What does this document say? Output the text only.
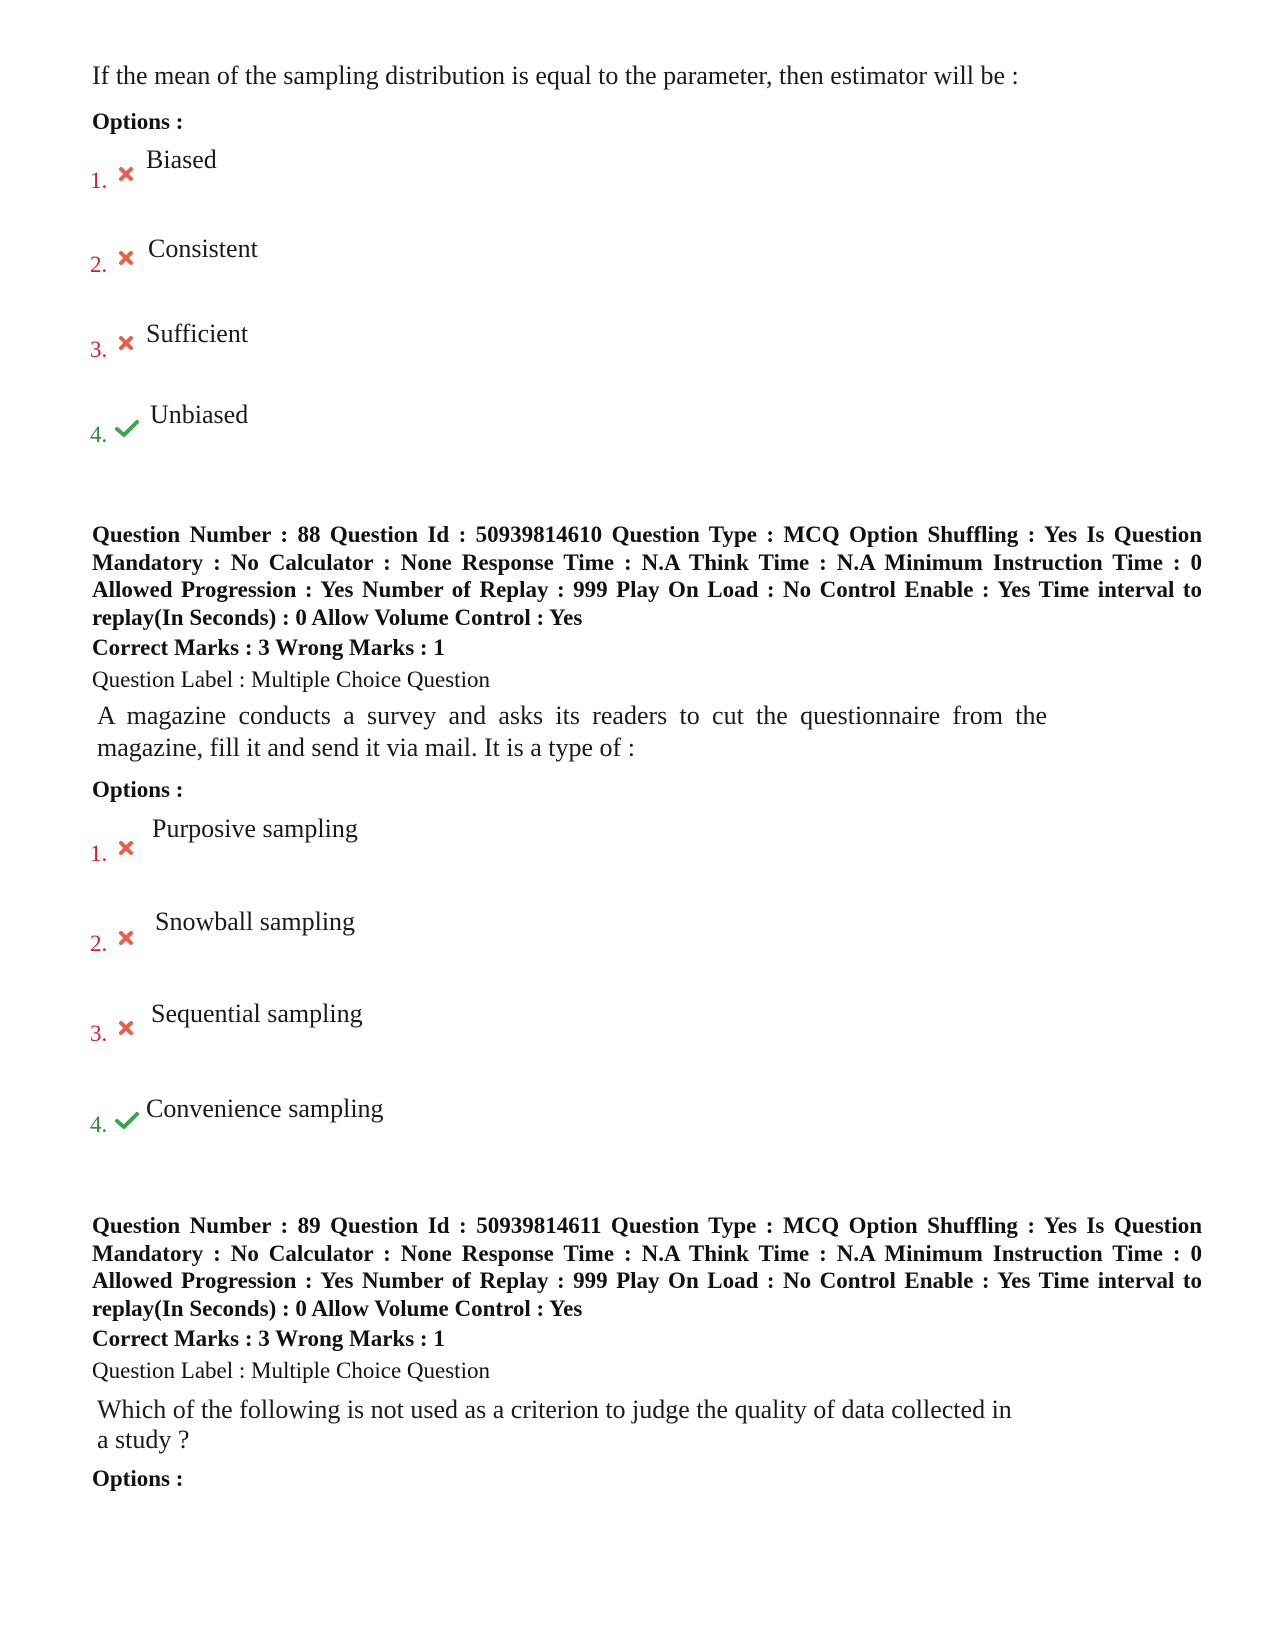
If the mean of the sampling distribution is equal to the parameter, then estimator will be :

Options :

1.
Biased
2.
Consistent
3.
Sufficient
4.
Unbiased

Question Number : 88 Question Id : 50939814610 Question Type : MCQ Option Shuffling : Yes Is Question Mandatory : No Calculator : None Response Time : N.A Think Time : N.A Minimum Instruction Time : 0 Allowed Progression : Yes Number of Replay : 999 Play On Load : No Control Enable : Yes Time interval to replay(In Seconds) : 0 Allow Volume Control : Yes

Correct Marks : 3 Wrong Marks : 1

Question Label : Multiple Choice Question

A magazine conducts a survey and asks its readers to cut the questionnaire from the

magazine, fill it and send it via mail. It is a type of :

Options :

1.
Purposive sampling
2.
Snowball sampling
3.
Sequential sampling
4.
Convenience sampling

Question Number : 89 Question Id : 50939814611 Question Type : MCQ Option Shuffling : Yes Is Question Mandatory : No Calculator : None Response Time : N.A Think Time : N.A Minimum Instruction Time : 0 Allowed Progression : Yes Number of Replay : 999 Play On Load : No Control Enable : Yes Time interval to replay(In Seconds) : 0 Allow Volume Control : Yes

Correct Marks : 3 Wrong Marks : 1

Question Label : Multiple Choice Question

Which of the following is not used as a criterion to judge the quality of data collected in

a study ?

Options :
